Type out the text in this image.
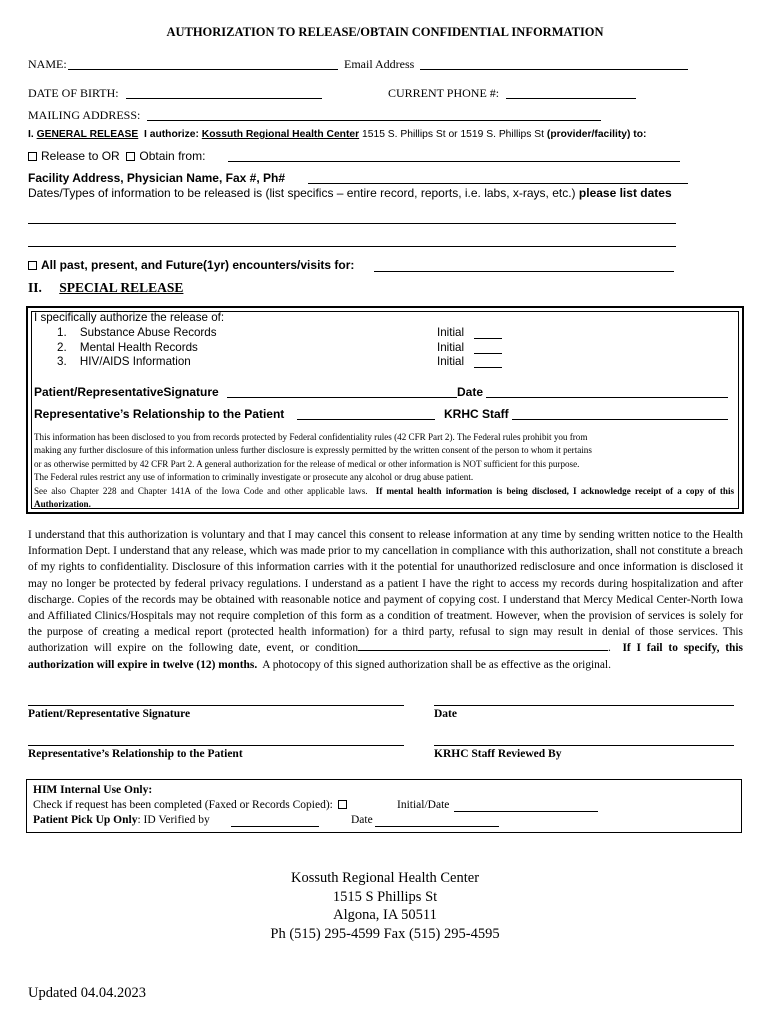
AUTHORIZATION TO RELEASE/OBTAIN CONFIDENTIAL INFORMATION
NAME:	Email Address
DATE OF BIRTH:	CURRENT PHONE #:
MAILING ADDRESS:
I. GENERAL RELEASE I authorize: Kossuth Regional Health Center 1515 S. Phillips St or 1519 S. Phillips St (provider/facility) to:
Release to OR Obtain from:
Facility Address, Physician Name, Fax #, Ph#
Dates/Types of information to be released is (list specifics – entire record, reports, i.e. labs, x-rays, etc.) please list dates
All past, present, and Future(1yr) encounters/visits for:
II. SPECIAL RELEASE
I specifically authorize the release of:
1. Substance Abuse Records	Initial
2. Mental Health Records	Initial
3. HIV/AIDS Information	Initial
Patient/RepresentativeSignature	Date
Representative’s Relationship to the Patient	KRHC Staff
This information has been disclosed to you from records protected by Federal confidentiality rules (42 CFR Part 2). The Federal rules prohibit you from
making any further disclosure of this information unless further disclosure is expressly permitted by the written consent of the person to whom it pertains
or as otherwise permitted by 42 CFR Part 2. A general authorization for the release of medical or other information is NOT sufficient for this purpose.
The Federal rules restrict any use of information to criminally investigate or prosecute any alcohol or drug abuse patient.
See also Chapter 228 and Chapter 141A of the Iowa Code and other applicable laws. If mental health information is being disclosed, I acknowledge receipt of a copy of this Authorization.
I understand that this authorization is voluntary and that I may cancel this consent to release information at any time by sending written notice to the Health Information Dept. I understand that any release, which was made prior to my cancellation in compliance with this authorization, shall not constitute a breach of my rights to confidentiality. Disclosure of this information carries with it the potential for unauthorized redisclosure and once information is disclosed it may no longer be protected by federal privacy regulations. I understand as a patient I have the right to access my records during hospitalization and after discharge. Copies of the records may be obtained with reasonable notice and payment of copying cost. I understand that Mercy Medical Center-North Iowa and Affiliated Clinics/Hospitals may not require completion of this form as a condition of treatment. However, when the provision of services is solely for the purpose of creating a medical report (protected health information) for a third party, refusal to sign may result in denial of those services. This authorization will expire on the following date, event, or condition	.  If I fail to specify, this authorization will expire in twelve (12) months. A photocopy of this signed authorization shall be as effective as the original.
Patient/Representative Signature	Date
Representative’s Relationship to the Patient	KRHC Staff Reviewed By
HIM Internal Use Only:
Check if request has been completed (Faxed or Records Copied):	Initial/Date
Patient Pick Up Only: ID Verified by	Date
Kossuth Regional Health Center
1515 S Phillips St
Algona, IA 50511
Ph (515) 295-4599 Fax (515) 295-4595
Updated 04.04.2023
